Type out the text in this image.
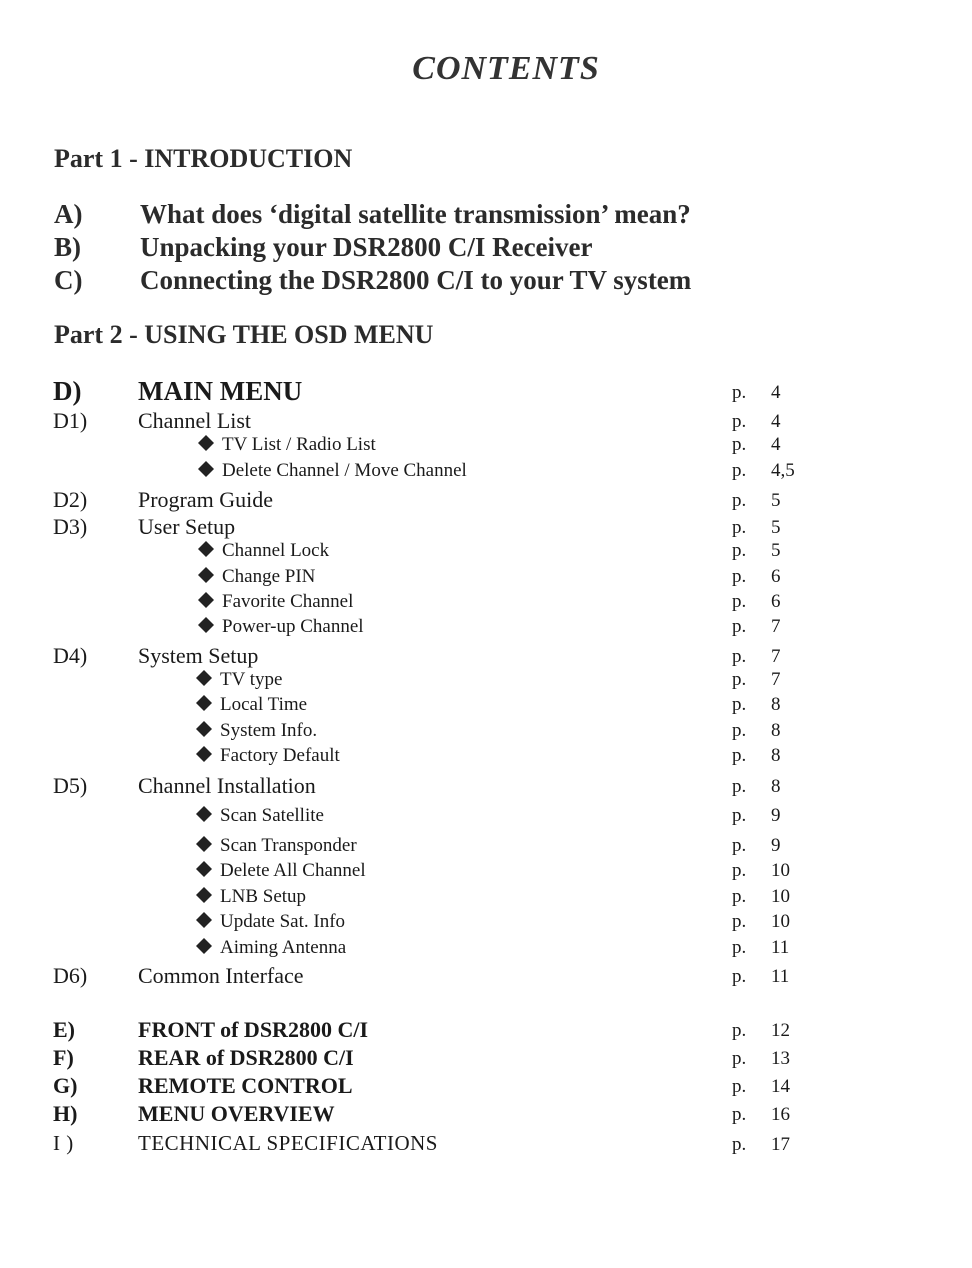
CONTENTS
Part 1 - INTRODUCTION
A) What does ‘digital satellite transmission’ mean?
B) Unpacking your DSR2800 C/I Receiver
C) Connecting the DSR2800 C/I to your TV system
Part 2 - USING THE OSD MENU
D) MAIN MENU	p. 4
D1) Channel List	p. 4
TV List / Radio List	p. 4
Delete Channel / Move Channel	p. 4,5
D2) Program Guide	p. 5
D3) User Setup	p. 5
Channel Lock	p. 5
Change PIN	p. 6
Favorite Channel	p. 6
Power-up Channel	p. 7
D4) System Setup	p. 7
TV type	p. 7
Local Time	p. 8
System Info.	p. 8
Factory Default	p. 8
D5) Channel Installation	p. 8
Scan Satellite	p. 9
Scan Transponder	p. 9
Delete All Channel	p. 10
LNB Setup	p. 10
Update Sat. Info	p. 10
Aiming Antenna	p. 11
D6) Common Interface	p. 11
E)	FRONT of DSR2800 C/I	p. 12
F)	REAR of DSR2800 C/I	p. 13
G)	REMOTE CONTROL	p. 14
H)	MENU OVERVIEW	p. 16
I )	TECHNICAL SPECIFICATIONS	p. 17
